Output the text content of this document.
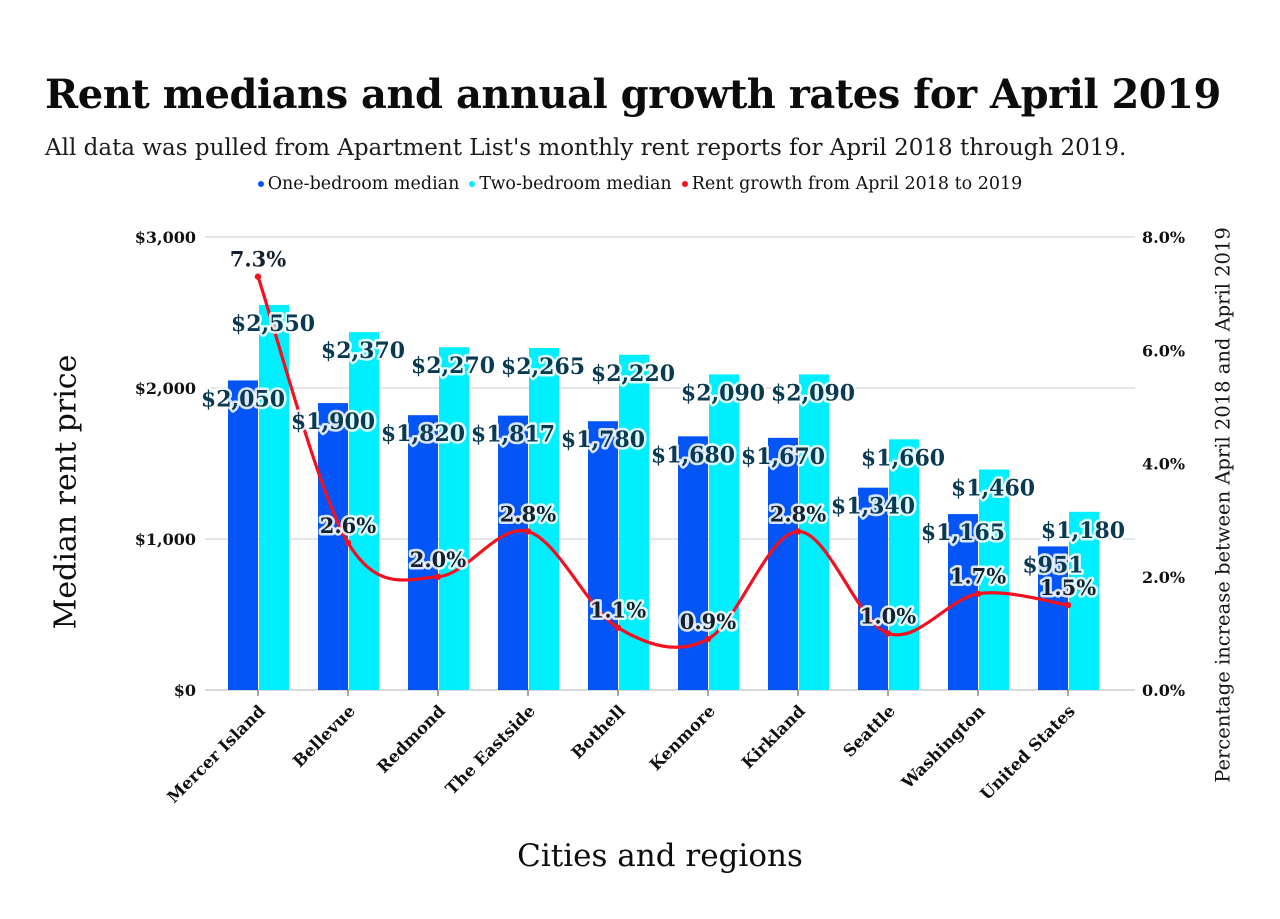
Rent medians and annual growth rates for April 2019

All data was pulled from Apartment List's monthly rent reports for April 2018 through 2019.

One-bedroom median Two-bedroom median Rent growth from April 2018 to 2019
Median rent price	Percentage increase between April 2018 and April 2019
Cities and regions
$0
$1,000
$2,000
$3,000
0.0%
2.0%
4.0%
6.0%
8.0%
$2,050
$2,550
7.3%
$1,900
$2,370
2.6%
$1,820
$2,270
2.0%
$1,817
$2,265
2.8%
$1,780
$2,220
1.1%
$1,680
$2,090
0.9%
$1,670
$2,090
2.8% $1,340
$1,660
1.0%
$1,165
$1,460
1.7% $951
$1,180
1.5%
Mercer Island Bellevue Redmond
The Eastside Bothell Kenmore Kirkland Seattle Washington
United States
